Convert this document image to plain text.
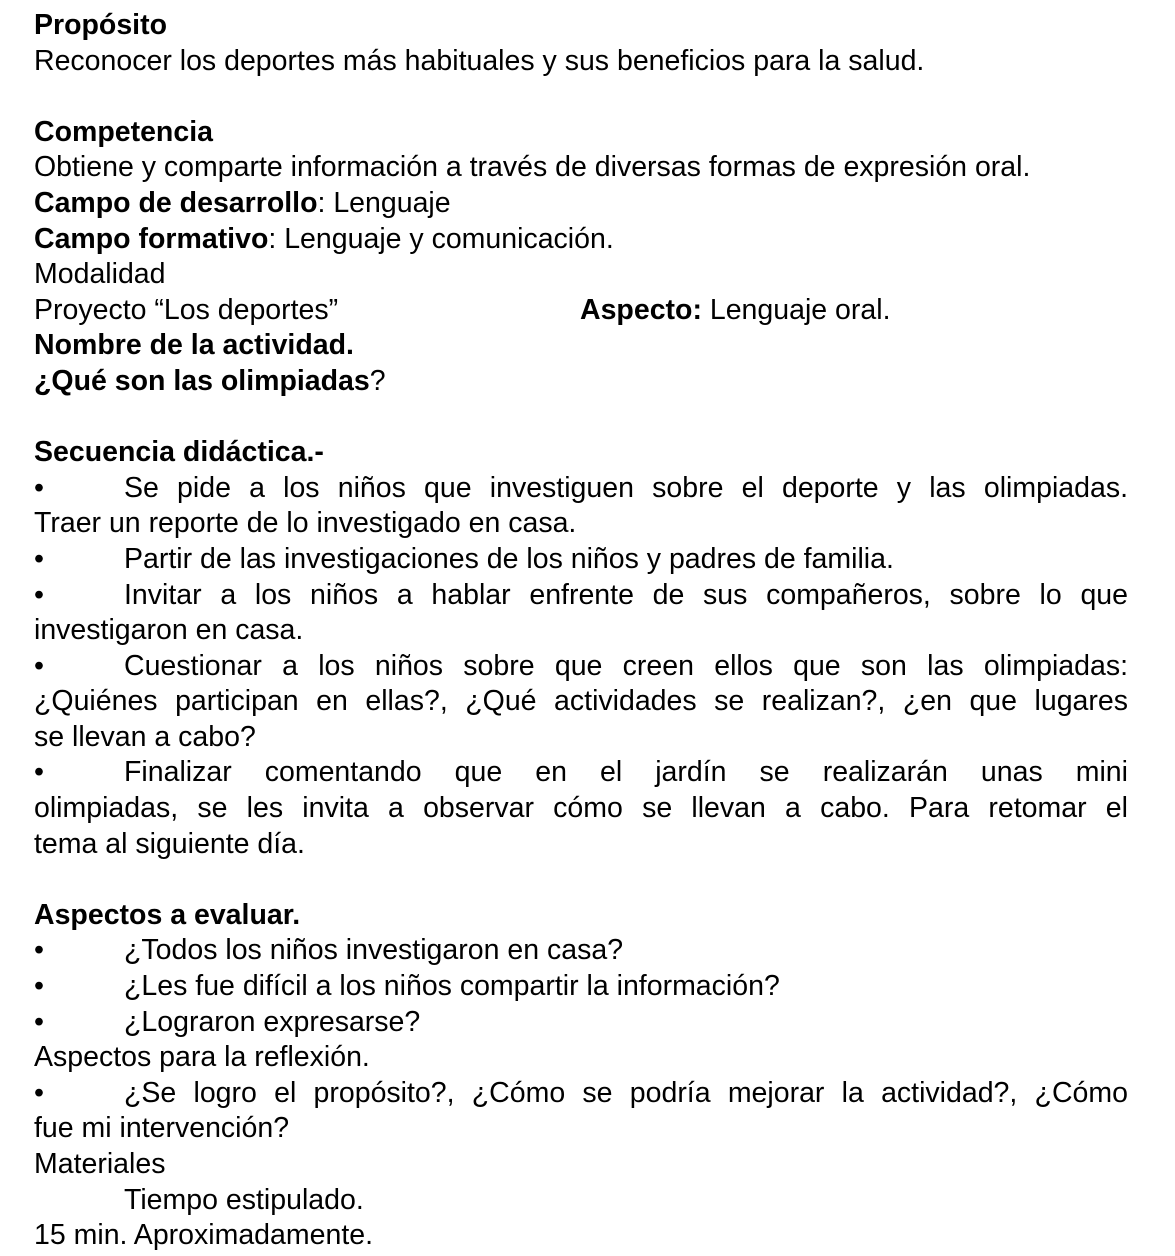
Propósito
Reconocer los deportes más habituales y sus beneficios para la salud.
Competencia
Obtiene y comparte información a través de diversas formas de expresión oral.
Campo de desarrollo: Lenguaje
Campo formativo: Lenguaje y comunicación.
Modalidad
Proyecto “Los deportes”	Aspecto: Lenguaje oral.
Nombre de la actividad.
¿Qué son las olimpiadas?
Secuencia didáctica.-
•	Se pide a los niños que investiguen sobre el deporte y las olimpiadas.
Traer un reporte de lo investigado en casa.
•	Partir de las investigaciones de los niños y padres de familia.
•	Invitar a los niños a hablar enfrente de sus compañeros, sobre lo que
investigaron en casa.
•	Cuestionar a los niños sobre que creen ellos que son las olimpiadas:
¿Quiénes participan en ellas?, ¿Qué actividades se realizan?, ¿en que lugares
se llevan a cabo?
•	Finalizar comentando que en el jardín se realizarán unas mini
olimpiadas, se les invita a observar cómo se llevan a cabo. Para retomar el
tema al siguiente día.
Aspectos a evaluar.
•	¿Todos los niños investigaron en casa?
•	¿Les fue difícil a los niños compartir la información?
•	¿Lograron expresarse?
Aspectos para la reflexión.
•	¿Se logro el propósito?, ¿Cómo se podría mejorar la actividad?, ¿Cómo
fue mi intervención?
Materiales
Tiempo estipulado.
15 min. Aproximadamente.
